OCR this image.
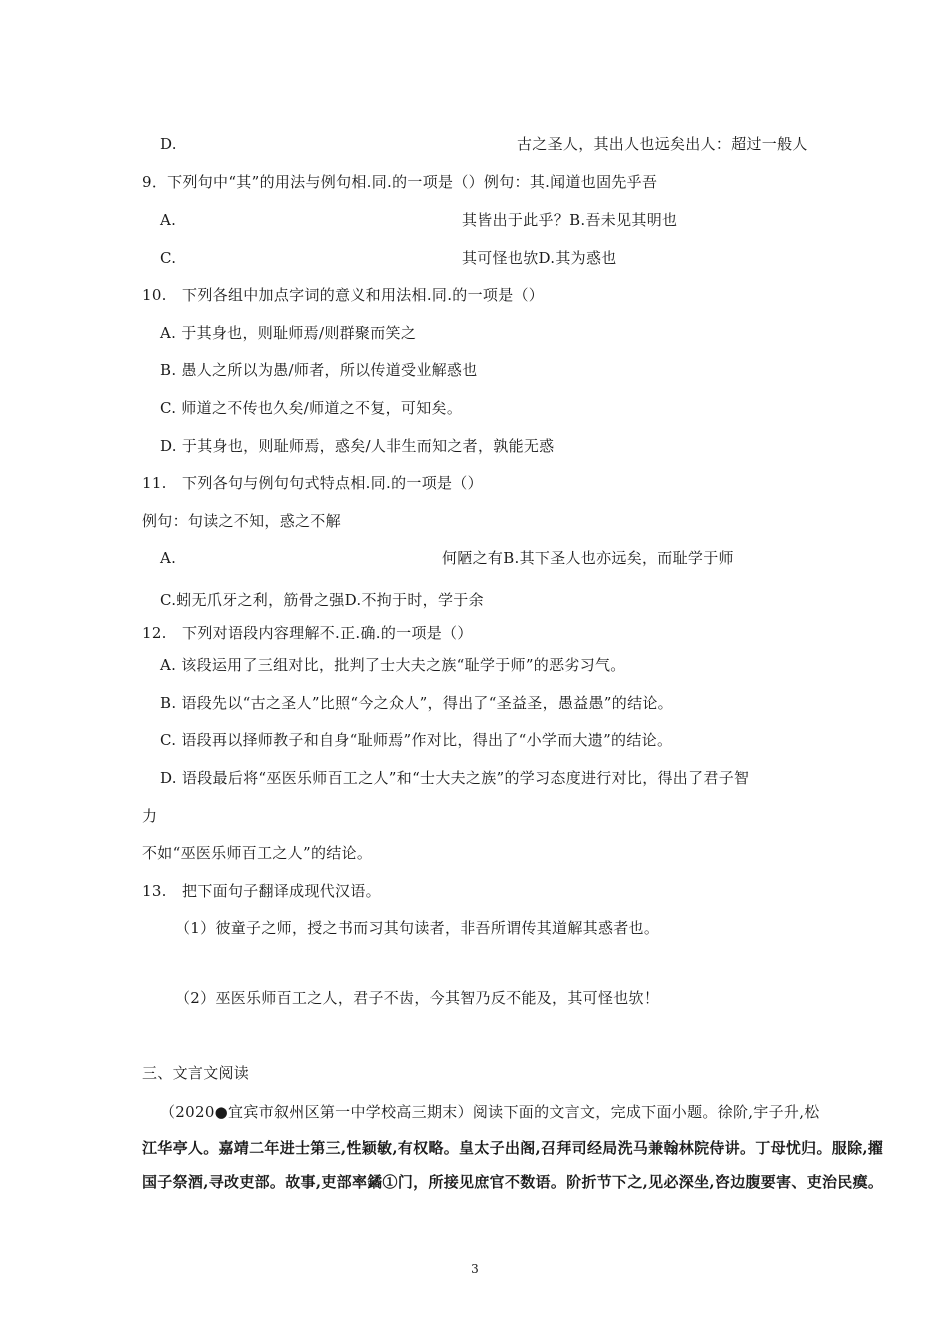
D.	古之圣人，其出人也远矣出人：超过一般人
9．下列句中“其”的用法与例句相.同.的一项是（）例句：其.闻道也固先乎吾
A.	其皆出于此乎？B.吾未见其明也
C.	其可怪也欤D.其为惑也
10.　下列各组中加点字词的意义和用法相.同.的一项是（）
A. 于其身也，则耻师焉/则群聚而笑之
B. 愚人之所以为愚/师者，所以传道受业解惑也
C. 师道之不传也久矣/师道之不复，可知矣。
D. 于其身也，则耻师焉，惑矣/人非生而知之者，孰能无惑
11.　下列各句与例句句式特点相.同.的一项是（）
例句：句读之不知，惑之不解
A.	何陋之有B.其下圣人也亦远矣，而耻学于师
C.蚓无爪牙之利，筋骨之强D.不拘于时，学于余
12.　下列对语段内容理解不.正.确.的一项是（）
A. 该段运用了三组对比，批判了士大夫之族“耻学于师”的恶劣习气。
B. 语段先以“古之圣人”比照“今之众人”，得出了“圣益圣，愚益愚”的结论。
C. 语段再以择师教子和自身“耻师焉”作对比，得出了“小学而大遗”的结论。
D. 语段最后将“巫医乐师百工之人”和“士大夫之族”的学习态度进行对比，得出了君子智
力
不如“巫医乐师百工之人”的结论。
13.　把下面句子翻译成现代汉语。
（1）彼童子之师，授之书而习其句读者，非吾所谓传其道解其惑者也。
（2）巫医乐师百工之人，君子不齿，今其智乃反不能及，其可怪也欤！
三、文言文阅读
（2020●宜宾市叙州区第一中学校高三期末）阅读下面的文言文，完成下面小题。徐阶,宇子升,松
江华亭人。嘉靖二年进士第三,性颖敏,有权略。皇太子出阁,召拜司经局洗马兼翰林院侍讲。丁母忧归。服除,擢
国子祭酒,寻改吏部。故事,吏部率鐍①门，所接见庶官不数语。阶折节下之,见必深坐,咨边腹要害、吏治民瘼。
3
